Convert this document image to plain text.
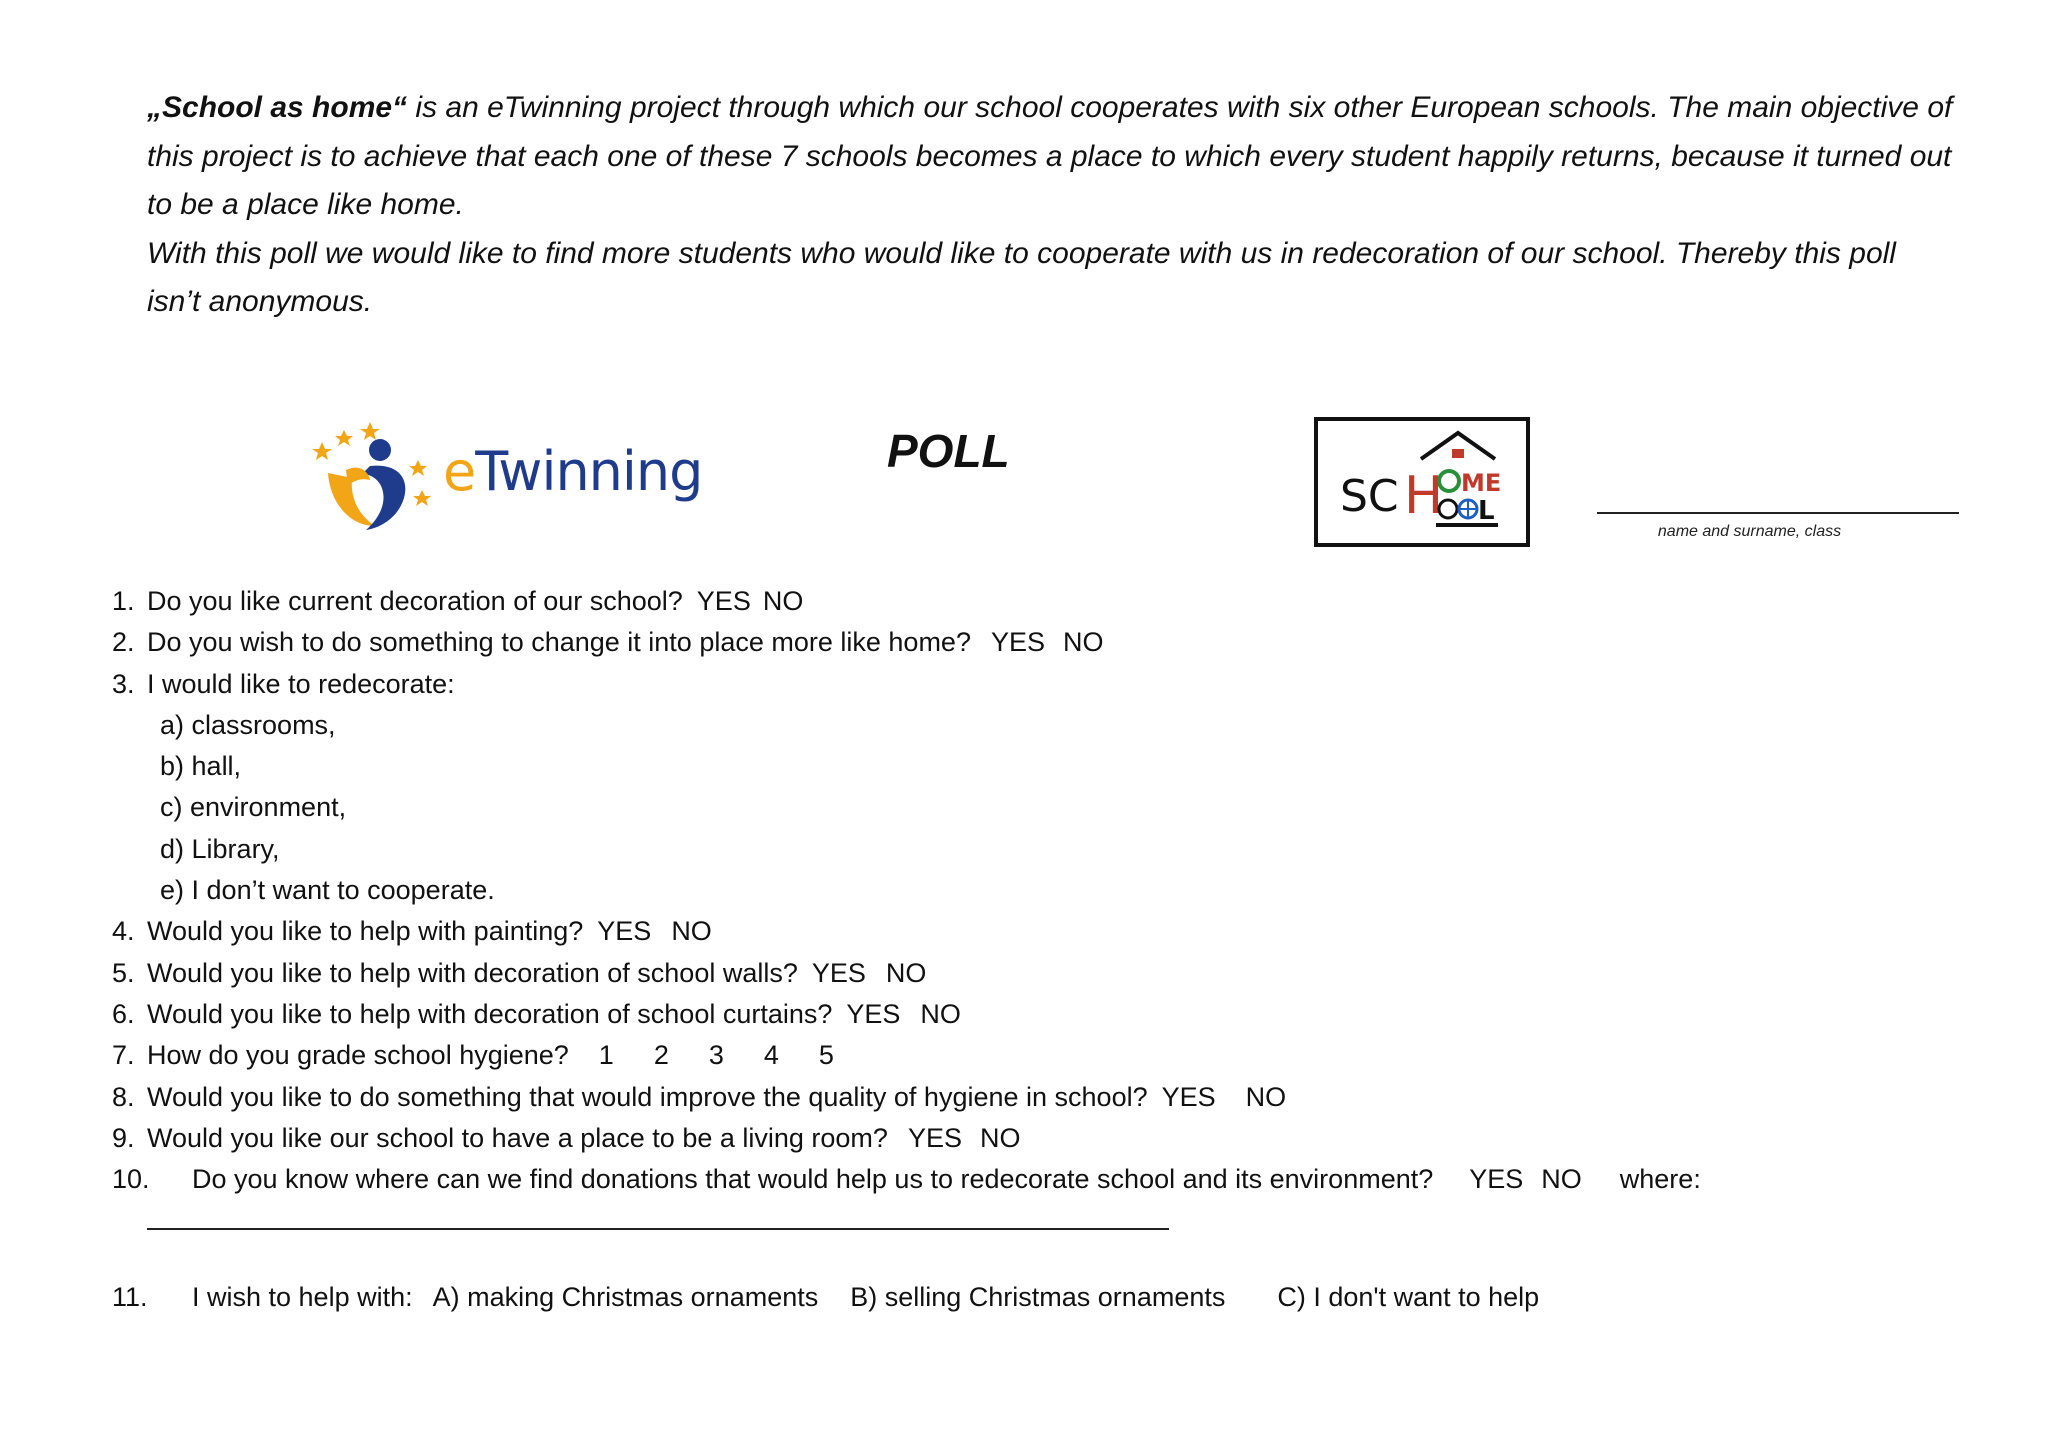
„School as home“ is an eTwinning project through which our school cooperates with six other European schools. The main objective of this project is to achieve that each one of these 7 schools becomes a place to which every student happily returns, because it turned out to be a place like home.

With this poll we would like to find more students who would like to cooperate with us in redecoration of our school. Thereby this poll isn’t anonymous.

eTwinning	POLL
SC H ME
L
name and surname, class
1. Do you like current decoration of our school? YES NO
2. Do you wish to do something to change it into place more like home? YES NO
3. I would like to redecorate:
a) classrooms,
b) hall,
c) environment,
d) Library,
e) I don’t want to cooperate.
4. Would you like to help with painting? YES NO
5. Would you like to help with decoration of school walls? YES NO
6. Would you like to help with decoration of school curtains? YES NO
7. How do you grade school hygiene? 1 2 3 4 5
8. Would you like to do something that would improve the quality of hygiene in school? YES NO
9. Would you like our school to have a place to be a living room? YES NO
10. Do you know where can we find donations that would help us to redecorate school and its environment? YES NO where:
11. I wish to help with: A) making Christmas ornaments B) selling Christmas ornaments C) I don't want to help
